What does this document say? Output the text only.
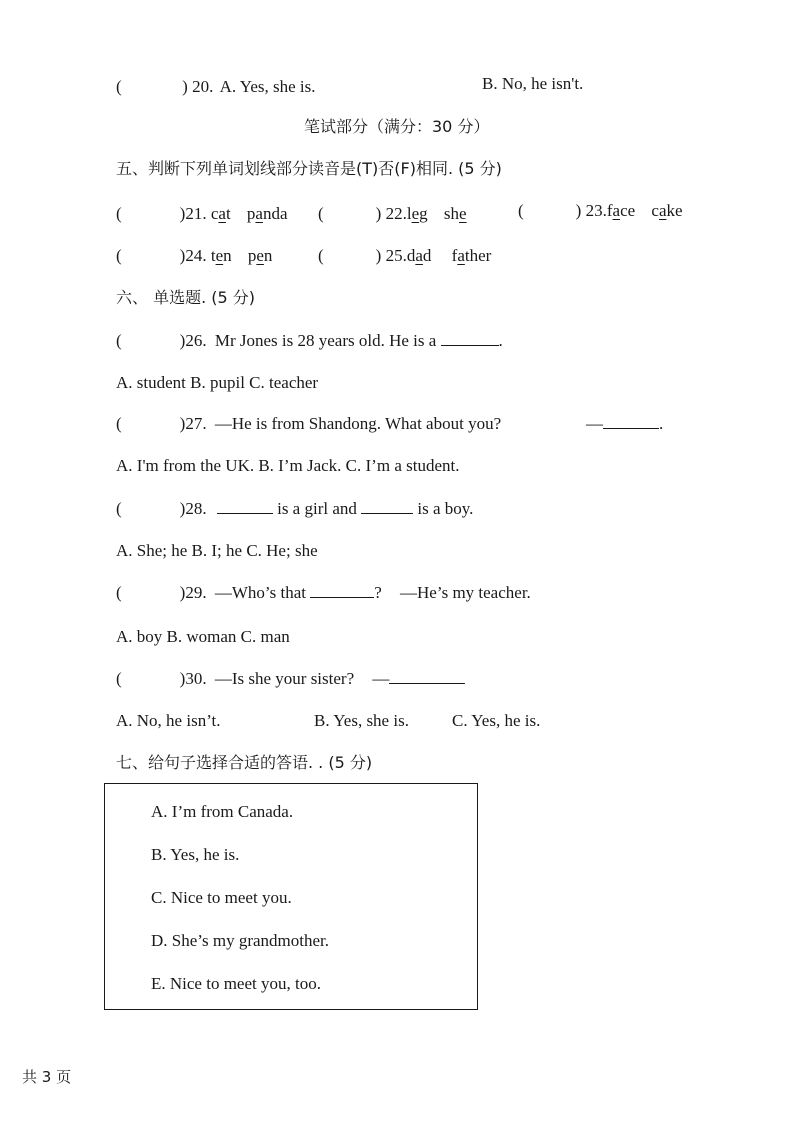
(	) 20. A. Yes, she is.	B. No, he isn't.
笔试部分（满分：30 分）
五、判断下列单词划线部分读音是(T)否(F)相同. (5 分)
(	)21. cat panda (	) 22.leg she	(	) 23.face cake
(	)24. ten pen	(	) 25.dad father
六、 单选题. (5 分)
(	)26. Mr Jones is 28 years old. He is a	.
A. student B. pupil C. teacher
(	)27. —He is from Shandong. What about you?	—	.
A. I'm from the UK. B. I’m Jack. C. I’m a student.
(	)28.	is a girl and	is a boy.
A. She; he B. I; he C. He; she
(	)29. —Who’s that	? —He’s my teacher.
A. boy B. woman C. man
(	)30. —Is she your sister? —
A. No, he isn’t.	B. Yes, she is.	C. Yes, he is.
七、给句子选择合适的答语. . (5 分)
A. I’m from Canada.
B. Yes, he is.
C. Nice to meet you.
D. She’s my grandmother.
E. Nice to meet you, too.
共 3 页
